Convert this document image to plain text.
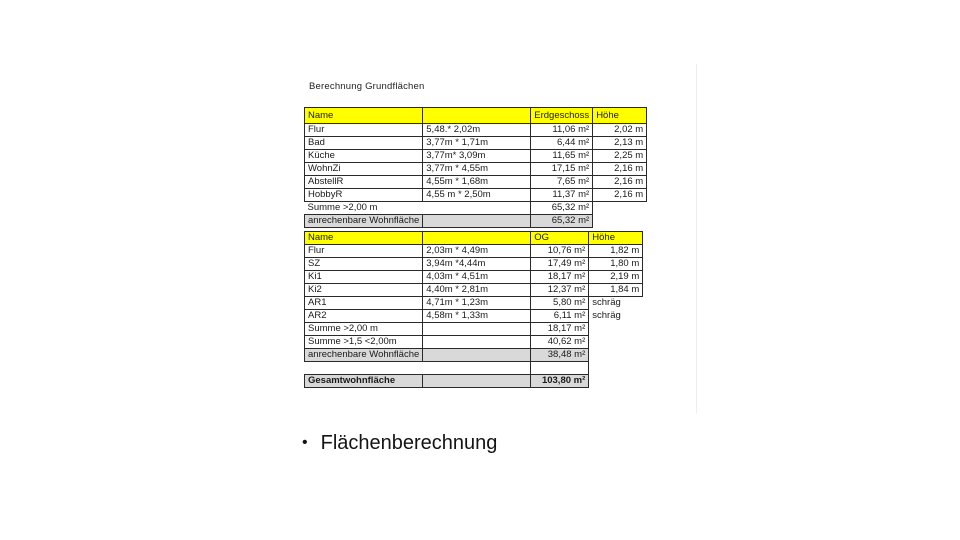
Berechnung Grundflächen
Name		Erdgeschoss	Höhe
Flur	5,48.* 2,02m	11,06 m²	2,02 m
Bad	3,77m * 1,71m	6,44 m²	2,13 m
Küche	3,77m* 3,09m	11,65 m²	2,25 m
WohnZi	3,77m * 4,55m	17,15 m²	2,16 m
AbstellR	4,55m * 1,68m	7,65 m²	2,16 m
HobbyR	4,55 m * 2,50m	11,37 m²	2,16 m
Summe >2,00 m		65,32 m²	
anrechenbare Wohnfläche		65,32 m²	
Name		OG	Höhe
Flur	2,03m * 4,49m	10,76 m²	1,82 m
SZ	3,94m *4,44m	17,49 m²	1,80 m
Ki1	4,03m * 4,51m	18,17 m²	2,19 m
Ki2	4,40m * 2,81m	12,37 m²	1,84 m
AR1	4,71m * 1,23m	5,80 m²	schräg
AR2	4,58m * 1,33m	6,11 m²	schräg
Summe >2,00 m		18,17 m²	
Summe >1,5 <2,00m		40,62 m²	
anrechenbare Wohnfläche		38,48 m²	

Gesamtwohnfläche		103,80 m²	
• Flächenberechnung
